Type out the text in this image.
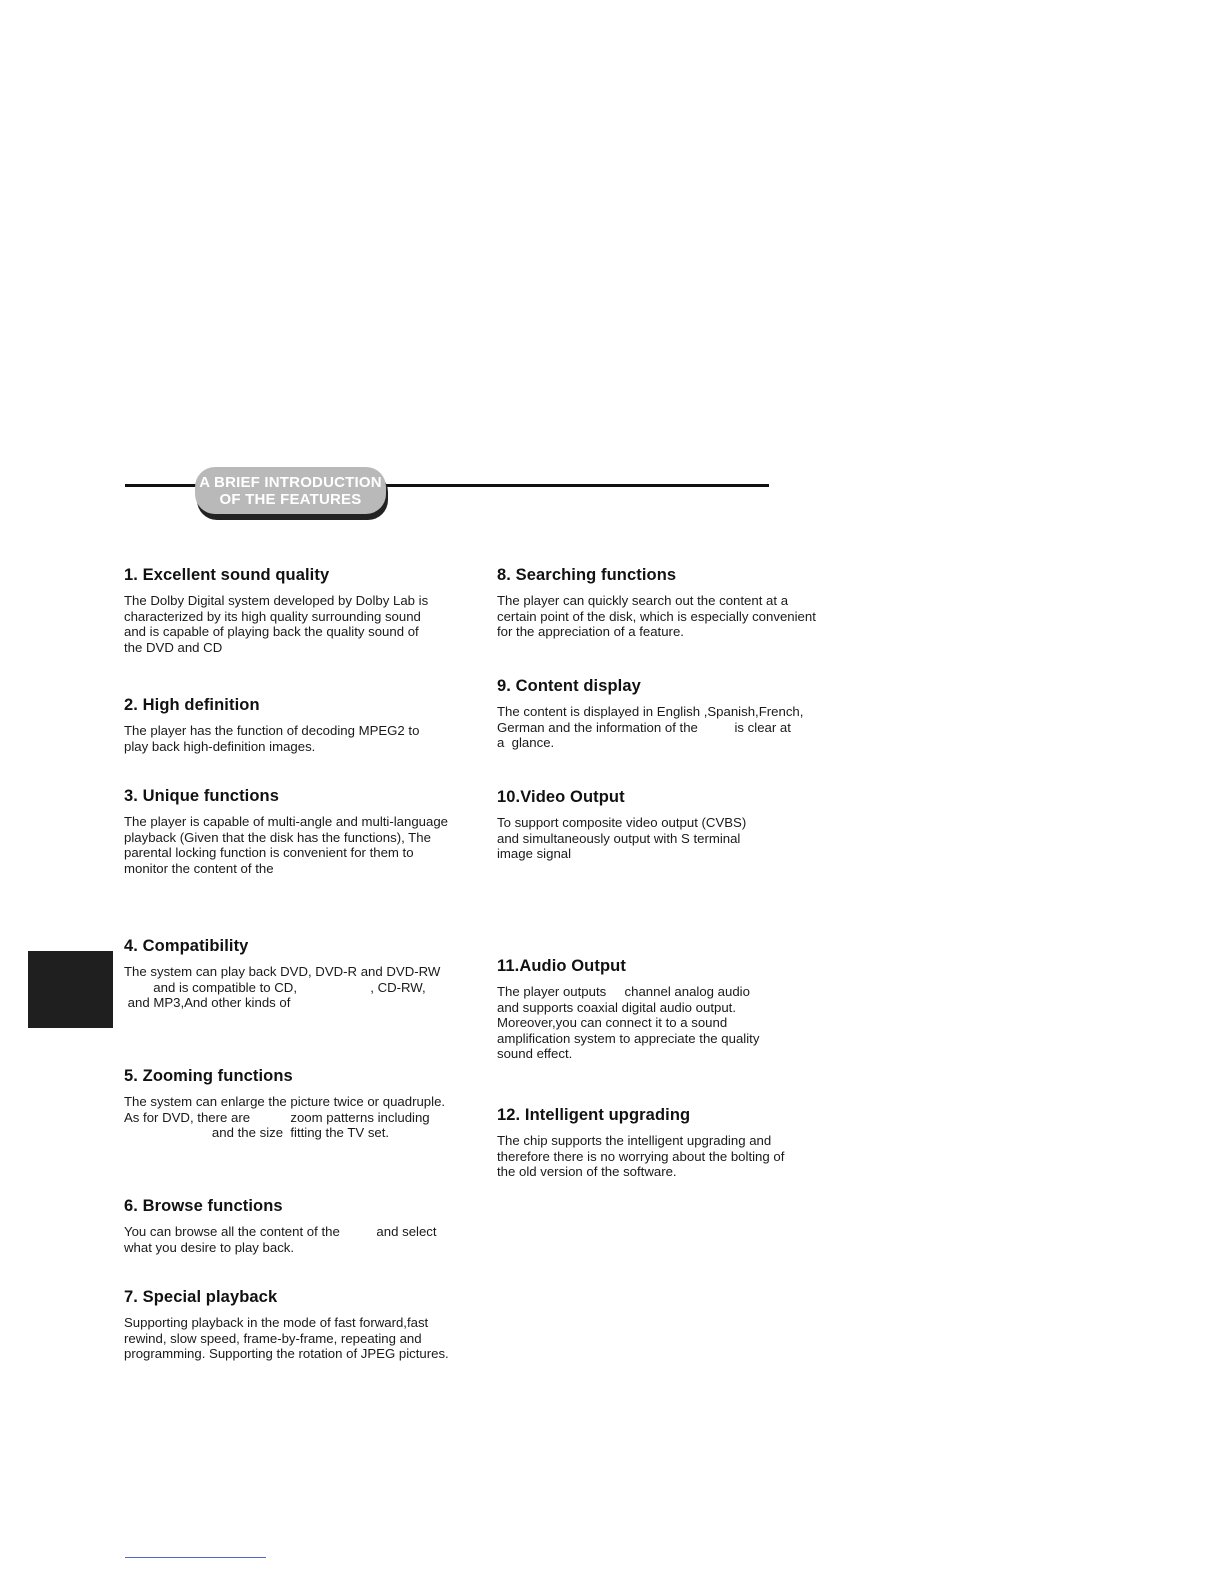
A BRIEF INTRODUCTION
OF THE FEATURES
1. Excellent sound quality

The Dolby Digital system developed by Dolby Lab is
characterized by its high quality surrounding sound
and is capable of playing back the quality sound of
the DVD and CD

2. High definition

The player has the function of decoding MPEG2 to
play back high-definition images.

3. Unique functions

The player is capable of multi-angle and multi-language
playback (Given that the disk has the functions), The
parental locking function is convenient for them to
monitor the content of the

4. Compatibility

The system can play back DVD, DVD-R and DVD-RW
and is compatible to CD,                    , CD-RW,
and MP3,And other kinds of

5. Zooming functions

The system can enlarge the picture twice or quadruple.
As for DVD, there are           zoom patterns including
and the size  fitting the TV set.

6. Browse functions

You can browse all the content of the          and select
what you desire to play back.

7. Special playback

Supporting playback in the mode of fast forward,fast
rewind, slow speed, frame-by-frame, repeating and
programming. Supporting the rotation of JPEG pictures.

8. Searching functions

The player can quickly search out the content at a
certain point of the disk, which is especially convenient
for the appreciation of a feature.

9. Content display

The content is displayed in English ,Spanish,French,
German and the information of the          is clear at
a  glance.

10.Video Output

To support composite video output (CVBS)
and simultaneously output with S terminal
image signal

11.Audio Output

The player outputs     channel analog audio
and supports coaxial digital audio output.
Moreover,you can connect it to a sound
amplification system to appreciate the quality
sound effect.

12. Intelligent upgrading

The chip supports the intelligent upgrading and
therefore there is no worrying about the bolting of
the old version of the software.
